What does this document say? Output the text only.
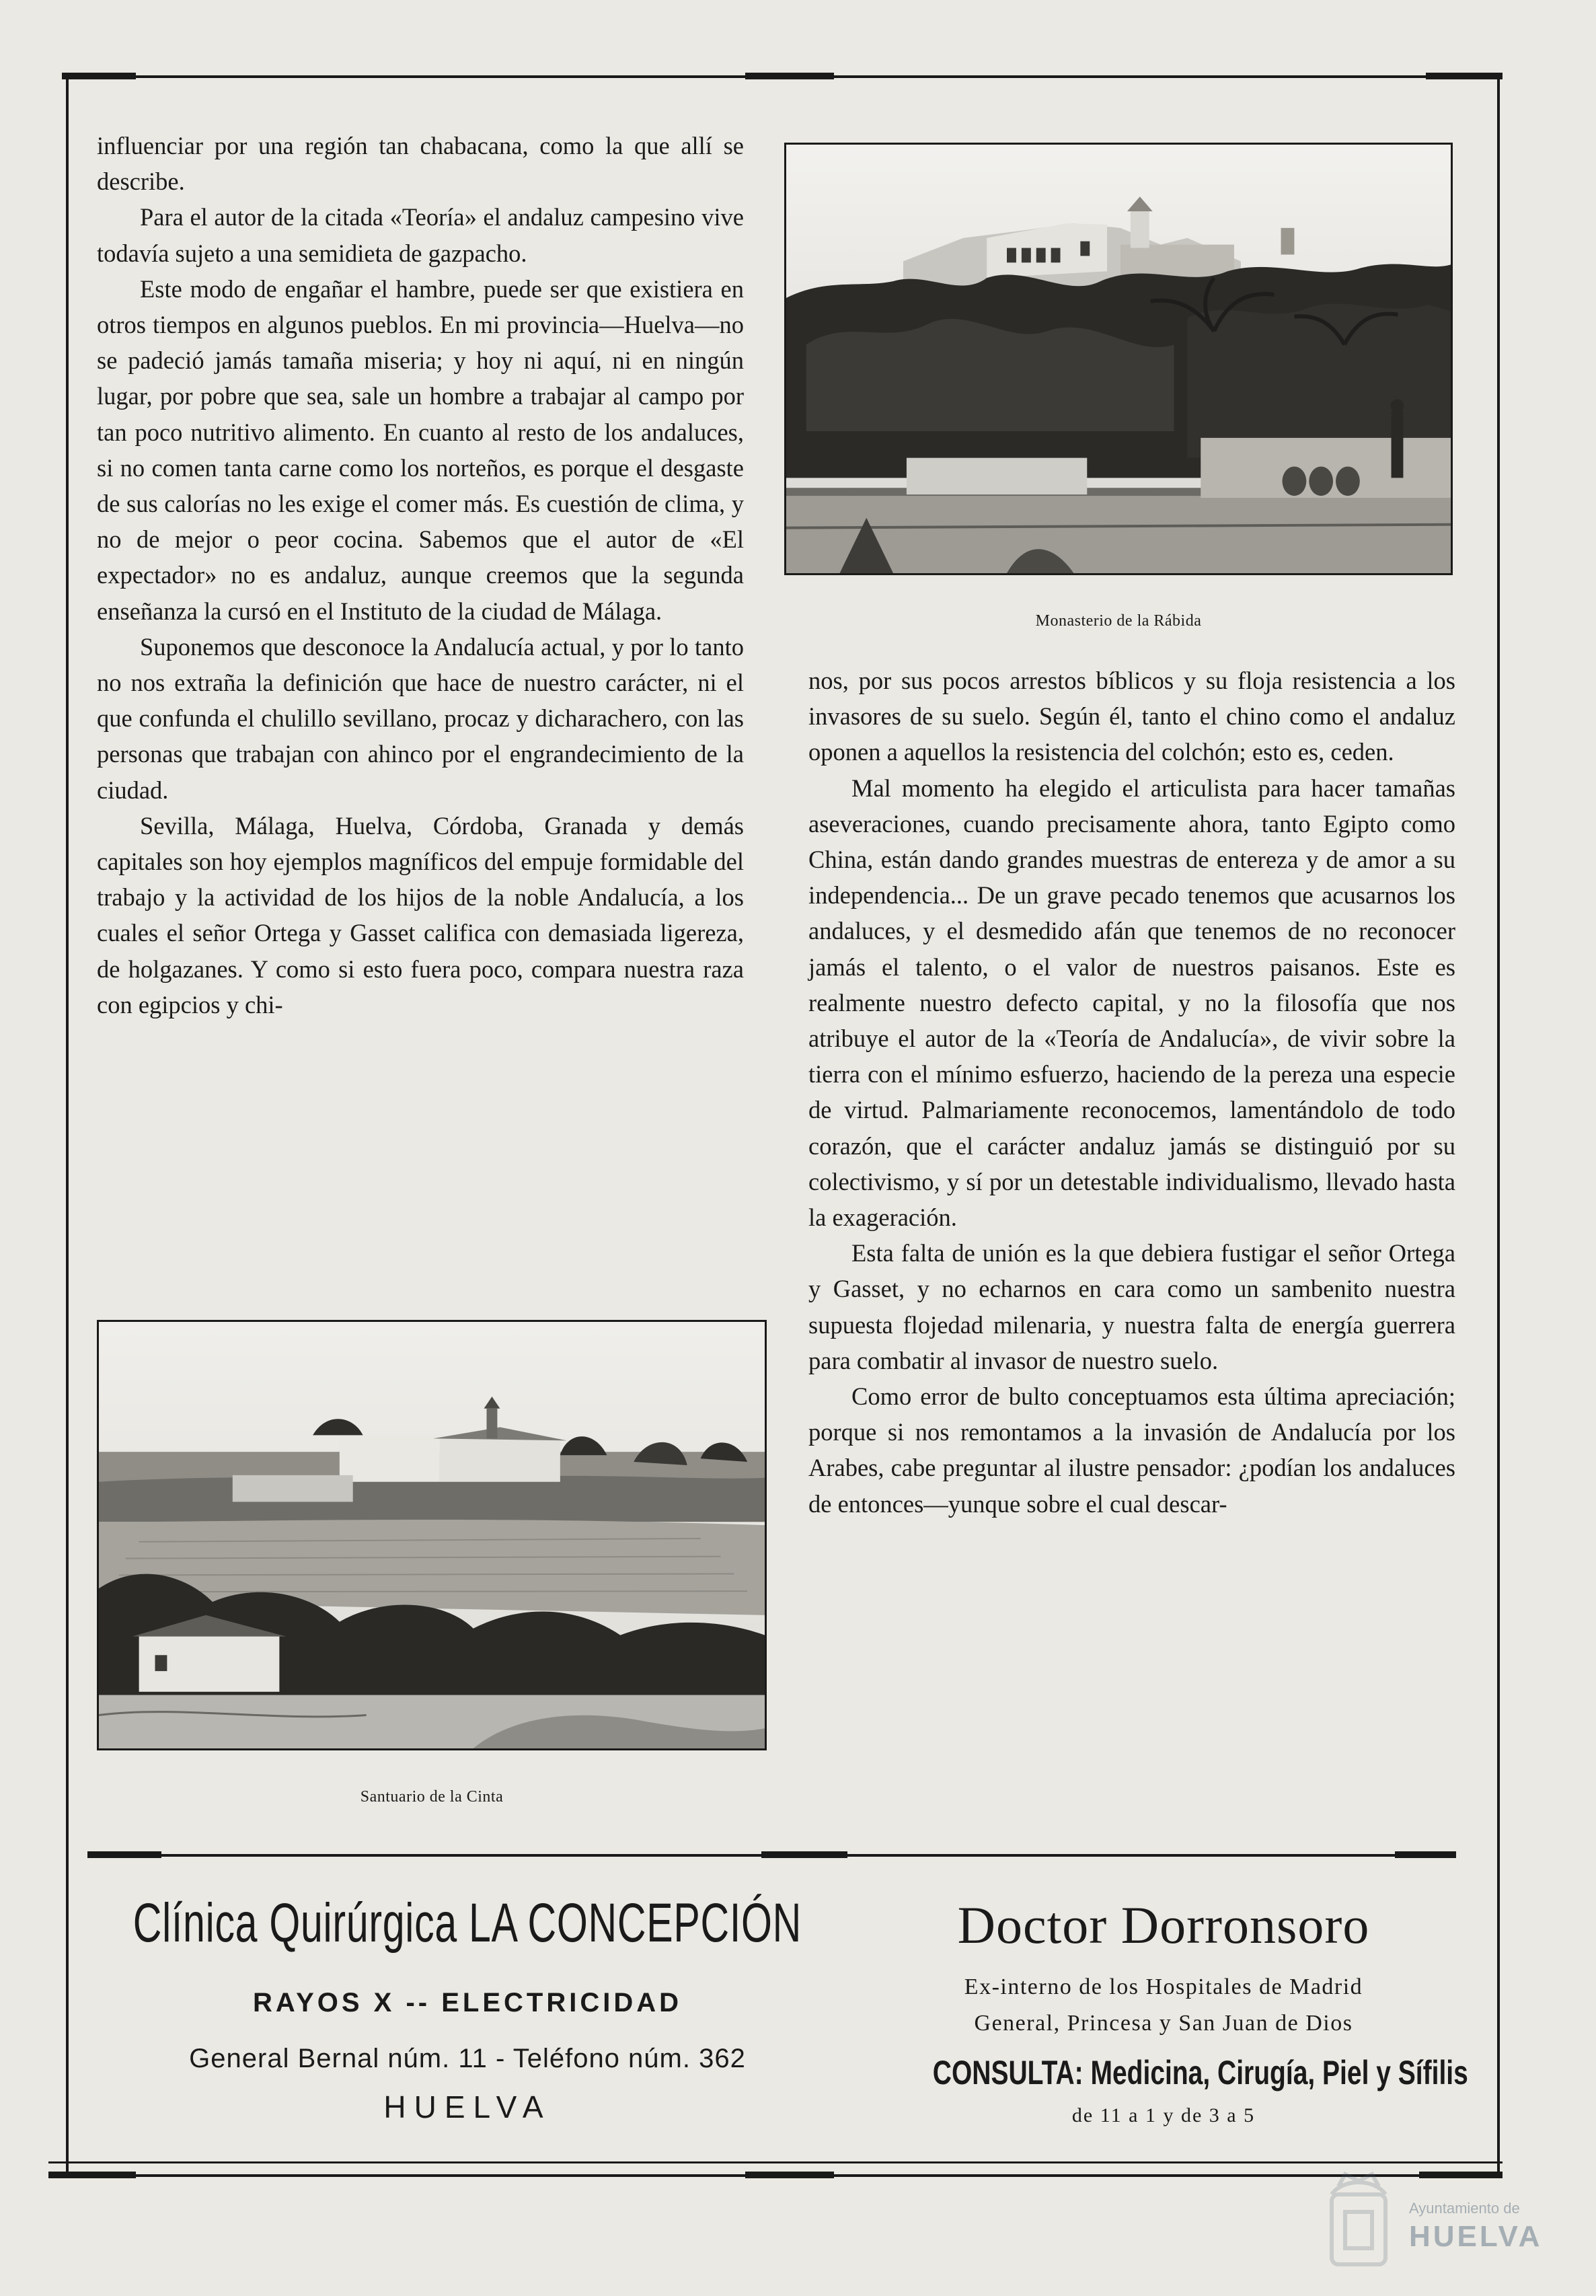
influenciar por una región tan chabacana, como la que allí se describe.

Para el autor de la citada «Teoría» el andaluz campesino vive todavía sujeto a una semidieta de gazpacho.

Este modo de engañar el hambre, puede ser que existiera en otros tiempos en algunos pueblos. En mi provincia—Huelva—no se padeció jamás tamaña miseria; y hoy ni aquí, ni en ningún lugar, por pobre que sea, sale un hombre a trabajar al campo por tan poco nutritivo alimento. En cuanto al resto de los andaluces, si no comen tanta carne como los norteños, es porque el desgaste de sus calorías no les exige el comer más. Es cuestión de clima, y no de mejor o peor cocina. Sabemos que el autor de «El expectador» no es andaluz, aunque creemos que la segunda enseñanza la cursó en el Instituto de la ciudad de Málaga.

Suponemos que desconoce la Andalucía actual, y por lo tanto no nos extraña la definición que hace de nuestro carácter, ni el que confunda el chulillo sevillano, procaz y dicharachero, con las personas que trabajan con ahinco por el engrandecimiento de la ciudad.

Sevilla, Málaga, Huelva, Córdoba, Granada y demás capitales son hoy ejemplos magníficos del empuje formidable del trabajo y la actividad de los hijos de la noble Andalucía, a los cuales el señor Ortega y Gasset califica con demasiada ligereza, de holgazanes. Y como si esto fuera poco, compara nuestra raza con egipcios y chi-

Monasterio de la Rábida

nos, por sus pocos arrestos bíblicos y su floja resistencia a los invasores de su suelo. Según él, tanto el chino como el andaluz oponen a aquellos la resistencia del colchón; esto es, ceden.

Mal momento ha elegido el articulista para hacer tamañas aseveraciones, cuando precisamente ahora, tanto Egipto como China, están dando grandes muestras de entereza y de amor a su independencia... De un grave pecado tenemos que acusarnos los andaluces, y el desmedido afán que tenemos de no reconocer jamás el talento, o el valor de nuestros paisanos. Este es realmente nuestro defecto capital, y no la filosofía que nos atribuye el autor de la «Teoría de Andalucía», de vivir sobre la tierra con el mínimo esfuerzo, haciendo de la pereza una especie de virtud. Palmariamente reconocemos, lamentándolo de todo corazón, que el carácter andaluz jamás se distinguió por su colectivismo, y sí por un detestable individualismo, llevado hasta la exageración.

Esta falta de unión es la que debiera fustigar el señor Ortega y Gasset, y no echarnos en cara como un sambenito nuestra supuesta flojedad milenaria, y nuestra falta de energía guerrera para combatir al invasor de nuestro suelo.

Como error de bulto conceptuamos esta última apreciación; porque si nos remontamos a la invasión de Andalucía por los Arabes, cabe preguntar al ilustre pensador: ¿podían los andaluces de entonces—yunque sobre el cual descar-

Santuario de la Cinta
Clínica Quirúrgica LA CONCEPCIÓN
RAYOS X -- ELECTRICIDAD
General Bernal núm. 11 - Teléfono núm. 362
HUELVA
Doctor Dorronsoro
Ex-interno de los Hospitales de Madrid
General, Princesa y San Juan de Dios
CONSULTA: Medicina, Cirugía, Piel y Sífilis
de 11 a 1 y de 3 a 5
Ayuntamiento de
HUELVA
